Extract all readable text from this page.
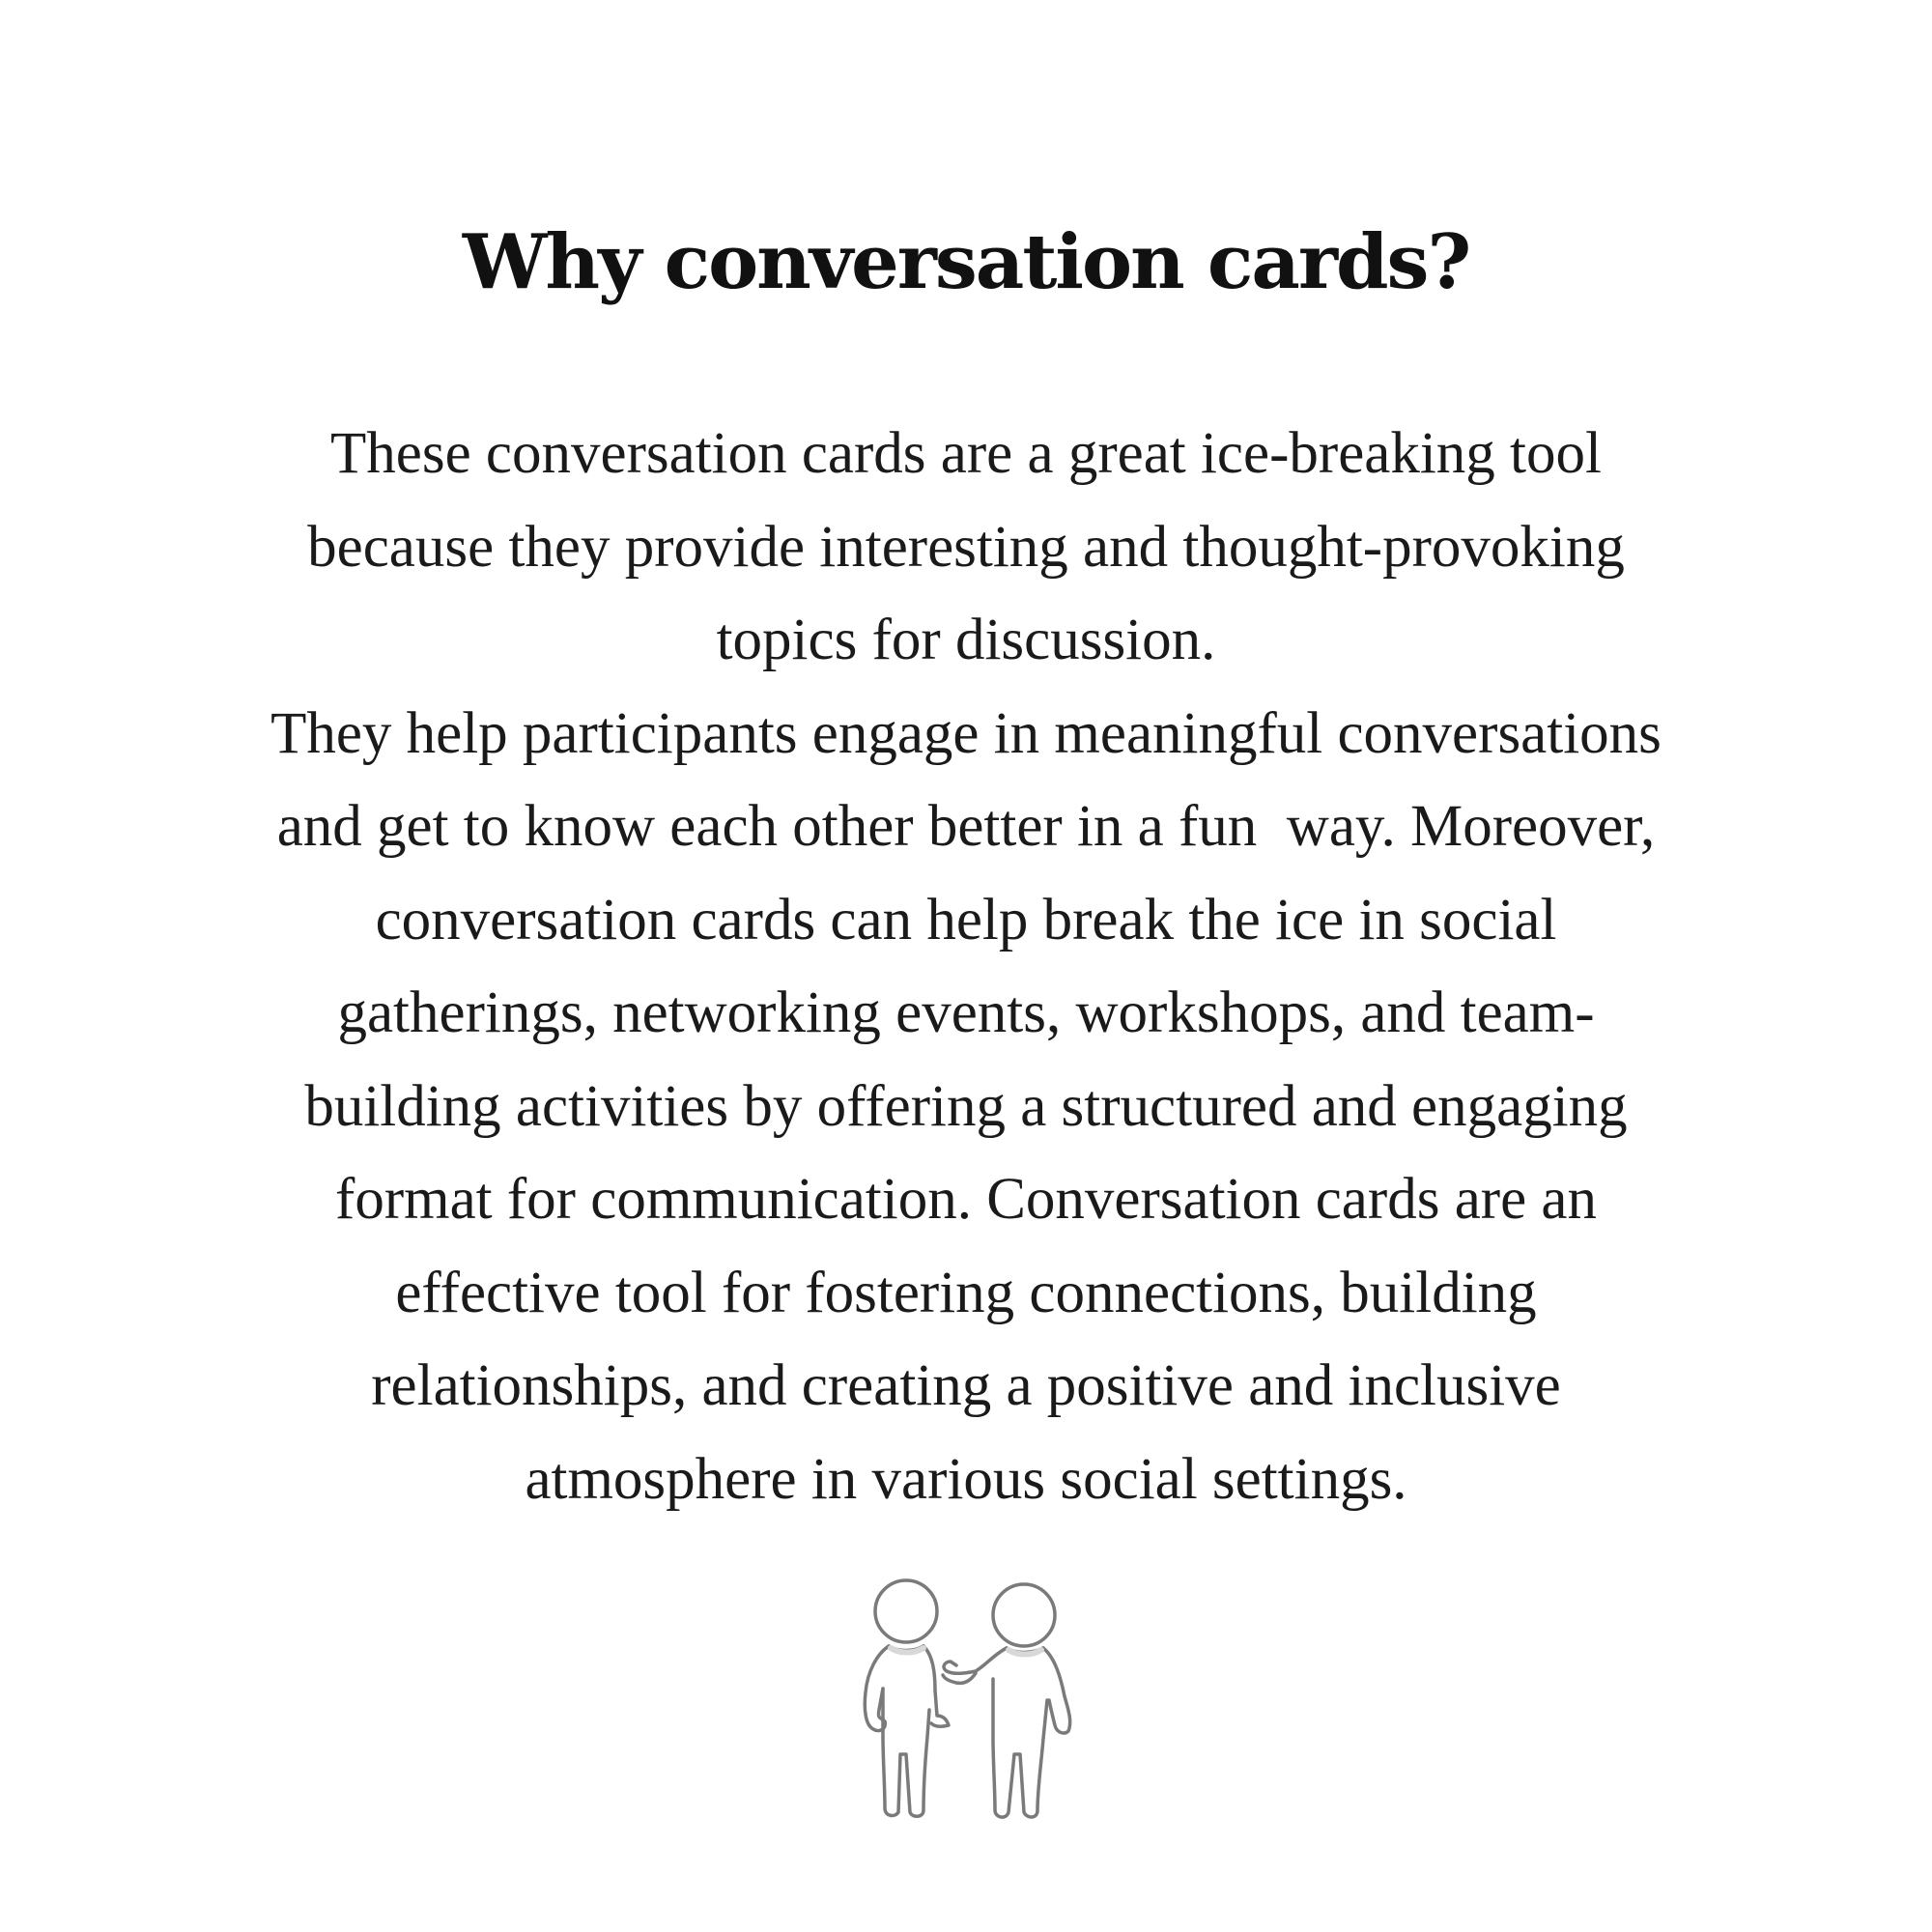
Why conversation cards?
These conversation cards are a great ice-breaking tool
because they provide interesting and thought-provoking
topics for discussion.
They help participants engage in meaningful conversations
and get to know each other better in a fun  way. Moreover,
conversation cards can help break the ice in social
gatherings, networking events, workshops, and team-
building activities by offering a structured and engaging
format for communication. Conversation cards are an
effective tool for fostering connections, building
relationships, and creating a positive and inclusive
atmosphere in various social settings.
